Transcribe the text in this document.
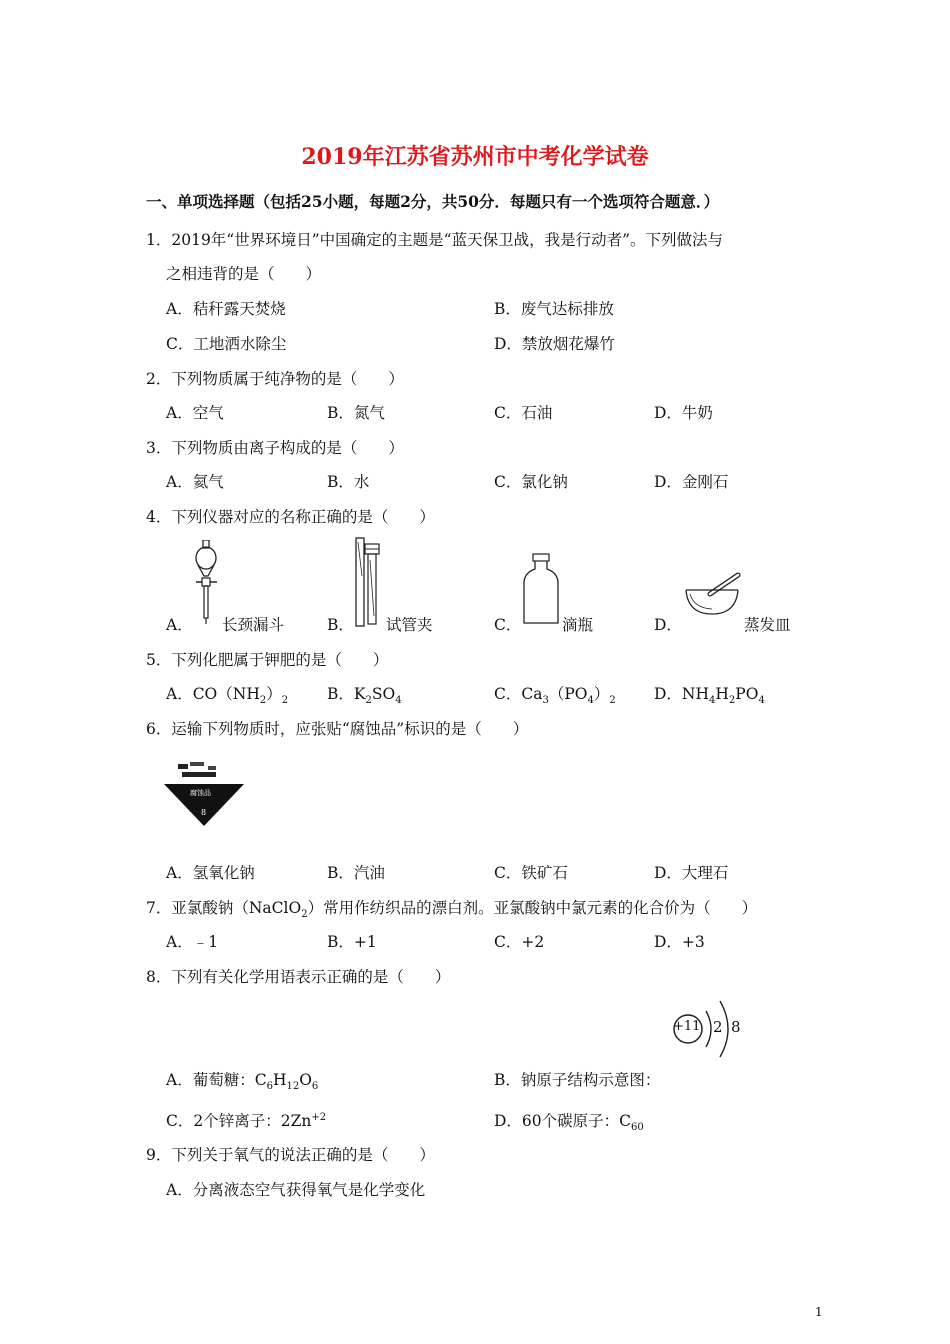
2019年江苏省苏州市中考化学试卷
一、单项选择题（包括25小题，每题2分，共50分．每题只有一个选项符合题意．）
1．2019年“世界环境日”中国确定的主题是“蓝天保卫战，我是行动者”。下列做法与
之相违背的是（　　）
A．秸秆露天焚烧	B．废气达标排放
C．工地洒水除尘	D．禁放烟花爆竹
2．下列物质属于纯净物的是（　　）
A．空气	B．氮气	C．石油	D．牛奶
3．下列物质由离子构成的是（　　）
A．氦气	B．水	C．氯化钠	D．金刚石
4．下列仪器对应的名称正确的是（　　）
A． 长颈漏斗	B． 试管夹	C．	滴瓶	D．	蒸发皿
5．下列化肥属于钾肥的是（　　）
A．$CO(NH_2)_2$	B．$K_2SO_4$	C．$Ca_3(PO_4)_2$ D．$NH_4H_2PO_4$
6．运输下列物质时，应张贴“腐蚀品”标识的是（　　）
腐蚀品
8
A．氢氧化钠	B．汽油	C．铁矿石	D．大理石
7．亚氯酸钠（NaClO$_2$）常用作纺织品的漂白剂。亚氯酸钠中氯元素的化合价为（　　）
A．﹣1	B．+1	C．+2	D．+3
8．下列有关化学用语表示正确的是（　　）
+11 2 8
A．葡萄糖：$C_6H_{12}O_6$	B．钠原子结构示意图：
C．2个锌离子：$2Zn^{+2}$	D．60个碳原子：$C_{60}$
9．下列关于氧气的说法正确的是（　　）
A．分离液态空气获得氧气是化学变化
1
